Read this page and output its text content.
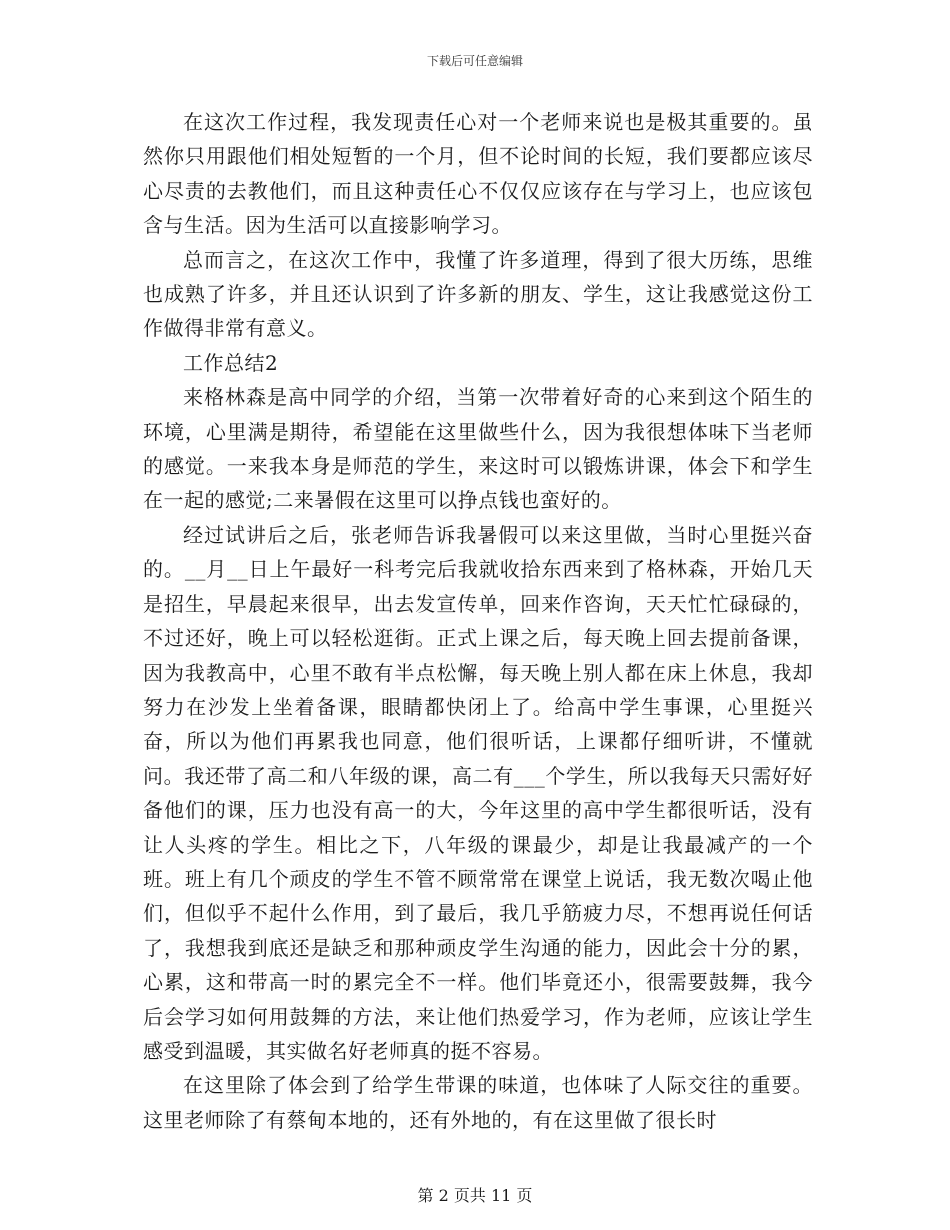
下载后可任意编辑

在这次工作过程，我发现责任心对一个老师来说也是极其重要的。虽然你只用跟他们相处短暂的一个月，但不论时间的长短，我们要都应该尽心尽责的去教他们，而且这种责任心不仅仅应该存在与学习上，也应该包含与生活。因为生活可以直接影响学习。

总而言之，在这次工作中，我懂了许多道理，得到了很大历练，思维也成熟了许多，并且还认识到了许多新的朋友、学生，这让我感觉这份工作做得非常有意义。

工作总结2

来格林森是高中同学的介绍，当第一次带着好奇的心来到这个陌生的环境，心里满是期待，希望能在这里做些什么，因为我很想体味下当老师的感觉。一来我本身是师范的学生，来这时可以锻炼讲课，体会下和学生在一起的感觉;二来暑假在这里可以挣点钱也蛮好的。

经过试讲后之后，张老师告诉我暑假可以来这里做，当时心里挺兴奋的。__月__日上午最好一科考完后我就收拾东西来到了格林森，开始几天是招生，早晨起来很早，出去发宣传单，回来作咨询，天天忙忙碌碌的，不过还好，晚上可以轻松逛街。正式上课之后，每天晚上回去提前备课，因为我教高中，心里不敢有半点松懈，每天晚上别人都在床上休息，我却努力在沙发上坐着备课，眼睛都快闭上了。给高中学生事课，心里挺兴奋，所以为他们再累我也同意，他们很听话，上课都仔细听讲，不懂就问。我还带了高二和八年级的课，高二有___个学生，所以我每天只需好好备他们的课，压力也没有高一的大，今年这里的高中学生都很听话，没有让人头疼的学生。相比之下，八年级的课最少，却是让我最减产的一个班。班上有几个顽皮的学生不管不顾常常在课堂上说话，我无数次喝止他们，但似乎不起什么作用，到了最后，我几乎筋疲力尽，不想再说任何话了，我想我到底还是缺乏和那种顽皮学生沟通的能力，因此会十分的累，心累，这和带高一时的累完全不一样。他们毕竟还小，很需要鼓舞，我今后会学习如何用鼓舞的方法，来让他们热爱学习，作为老师，应该让学生感受到温暖，其实做名好老师真的挺不容易。

在这里除了体会到了给学生带课的味道，也体味了人际交往的重要。这里老师除了有蔡甸本地的，还有外地的，有在这里做了很长时

第 2 页共 11 页
